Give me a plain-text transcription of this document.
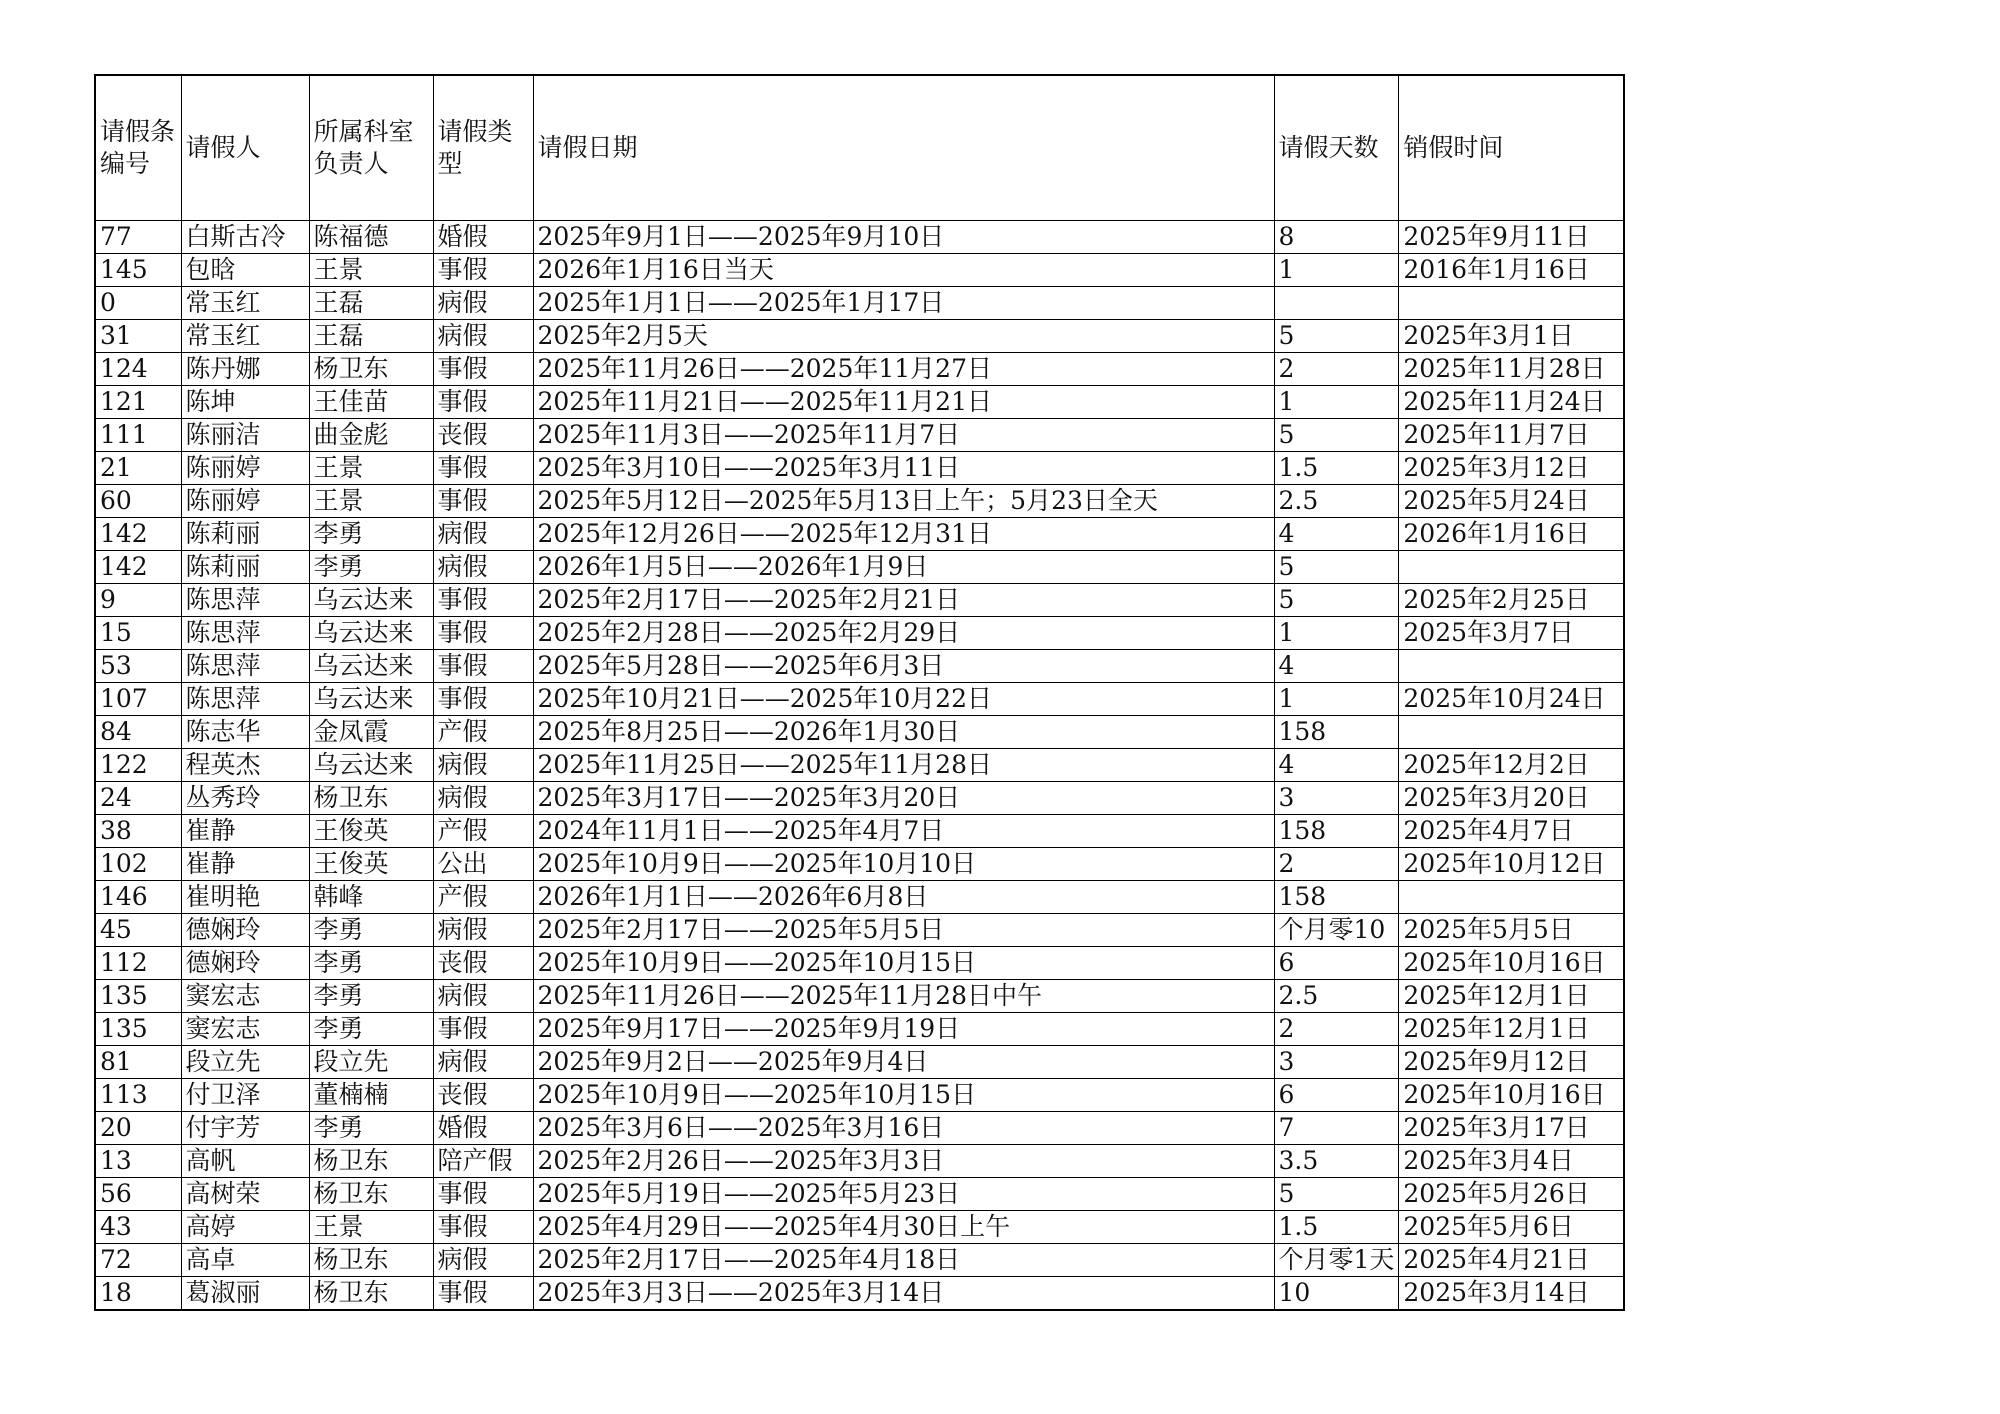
请假条编号	请假人	所属科室负责人	请假类型	请假日期	请假天数	销假时间
77	白斯古冷	陈福德	婚假	2025年9月1日——2025年9月10日	8	2025年9月11日
145	包晗	王景	事假	2026年1月16日当天	1	2016年1月16日
0	常玉红	王磊	病假	2025年1月1日——2025年1月17日		
31	常玉红	王磊	病假	2025年2月5天	5	2025年3月1日
124	陈丹娜	杨卫东	事假	2025年11月26日——2025年11月27日	2	2025年11月28日
121	陈坤	王佳苗	事假	2025年11月21日——2025年11月21日	1	2025年11月24日
111	陈丽洁	曲金彪	丧假	2025年11月3日——2025年11月7日	5	2025年11月7日
21	陈丽婷	王景	事假	2025年3月10日——2025年3月11日	1.5	2025年3月12日
60	陈丽婷	王景	事假	2025年5月12日—2025年5月13日上午；5月23日全天	2.5	2025年5月24日
142	陈莉丽	李勇	病假	2025年12月26日——2025年12月31日	4	2026年1月16日
142	陈莉丽	李勇	病假	2026年1月5日——2026年1月9日	5	
9	陈思萍	乌云达来	事假	2025年2月17日——2025年2月21日	5	2025年2月25日
15	陈思萍	乌云达来	事假	2025年2月28日——2025年2月29日	1	2025年3月7日
53	陈思萍	乌云达来	事假	2025年5月28日——2025年6月3日	4	
107	陈思萍	乌云达来	事假	2025年10月21日——2025年10月22日	1	2025年10月24日
84	陈志华	金凤霞	产假	2025年8月25日——2026年1月30日	158	
122	程英杰	乌云达来	病假	2025年11月25日——2025年11月28日	4	2025年12月2日
24	丛秀玲	杨卫东	病假	2025年3月17日——2025年3月20日	3	2025年3月20日
38	崔静	王俊英	产假	2024年11月1日——2025年4月7日	158	2025年4月7日
102	崔静	王俊英	公出	2025年10月9日——2025年10月10日	2	2025年10月12日
146	崔明艳	韩峰	产假	2026年1月1日——2026年6月8日	158	
45	德娴玲	李勇	病假	2025年2月17日——2025年5月5日	个月零10	2025年5月5日
112	德娴玲	李勇	丧假	2025年10月9日——2025年10月15日	6	2025年10月16日
135	窦宏志	李勇	病假	2025年11月26日——2025年11月28日中午	2.5	2025年12月1日
135	窦宏志	李勇	事假	2025年9月17日——2025年9月19日	2	2025年12月1日
81	段立先	段立先	病假	2025年9月2日——2025年9月4日	3	2025年9月12日
113	付卫泽	董楠楠	丧假	2025年10月9日——2025年10月15日	6	2025年10月16日
20	付宇芳	李勇	婚假	2025年3月6日——2025年3月16日	7	2025年3月17日
13	高帆	杨卫东	陪产假	2025年2月26日——2025年3月3日	3.5	2025年3月4日
56	高树荣	杨卫东	事假	2025年5月19日——2025年5月23日	5	2025年5月26日
43	高婷	王景	事假	2025年4月29日——2025年4月30日上午	1.5	2025年5月6日
72	高卓	杨卫东	病假	2025年2月17日——2025年4月18日	个月零1天	2025年4月21日
18	葛淑丽	杨卫东	事假	2025年3月3日——2025年3月14日	10	2025年3月14日
